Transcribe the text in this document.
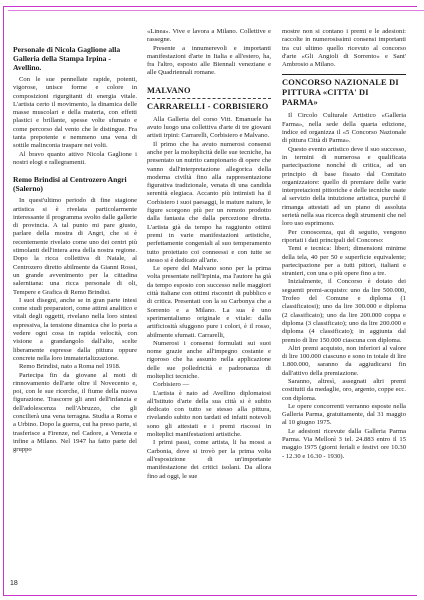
Personale di Nicola Gaglione alla Galleria della Stampa Irpina - Avellino.

Con le sue pennellate rapide, potenti, vigorose, unisce forme e colore in composizioni rigurgitanti di energia vitale. L'artista certo il movimento, la dinamica delle masse muscolari e della materia, con effetti plastici e brillante, spesse volte sfumato e come percorso dal vento che le distingue. Fra tanta prepotente e nemmeno una vena di sottile malinconia traspare nei volti.

Al bravo quanto attivo Nicola Gaglione i nostri elogi e rallegramenti.

Remo Brindisi al Centrozero Angri (Salerno)

In quest'ultimo periodo di fine stagione artistica si è rivelata particolarmente interessante il programma svolto dalle gallerie di provincia. A tal punto mi pare giusto, parlare della mostra di Angri, che si è recentemente rivelato come uno dei centri più stimolanti dell'intera area della nostra regione. Dopo la ricca collettiva di Natale, al Centrozero diretto abilmente da Gianni Rossi, un grande avvenimento per la cittadina salernitana: una ricca personale di oli, Tempere e Grafica di Remo Brindisi.

I suoi disegni, anche se in gran parte intesi come studi preparatori, come attimi analitico e vitali degli oggetti, rivelano nella loro sintesi espressiva, la tensione dinamica che lo porta a vedere ogni cosa in rapida velocità, con visione a grandangolo dall'alto, scelte liberamente espresse dalla pittura oppure concrete nella loro immaterializzazione.

Remo Brindisi, nato a Roma nel 1918.

Partecipa fin da giovane al moti di rinnovamento dell'arte oltre il Novecento e, poi, con le sue ricerche, il fiume della nuova figurazione. Trascorre gli anni dell'infanzia e dell'adolescenza nell'Abruzzo, che gli concilierà una vena terragna. Studia a Roma e a Urbino. Dopo la guerra, cui ha preso parte, si trasferisce a Firenze, nel Cadore, a Venezia e infine a Milano. Nel 1947 ha fatto parte del gruppo

«Linea». Vive e lavora a Milano. Collettive e rassegne.

Presente a innumerevoli e importanti manifestazioni d'arte in Italia e all'estero, ha, fra l'altro, esposto alle Biennali veneziane e alle Quadriennali romane.

MALVANO
CARRARELLI - CORBISIERO

Alla Galleria del corso Vitt. Emanuele ha avuto luogo una collettiva d'arte di tre giovani artisti irpini: Carrarelli, Corbisiero e Malvano.

Il primo che ha avuto numerosi consensi anche per la molteplicità delle sue tecniche, ha presentato un nutrito campionario di opere che vanno dall'interpretazione allegorica della moderna civiltà fino alla rappresentazione figurativa tradizionale, venata di una candida serenità elegiaca. Accanto più intimisti ha il Corbisiero i suoi paesaggi, le mature nature, le figure scorgono più per un remoto prodotto dalla fantasia che dalla percezione diretta. L'artista già da tempo ha raggiunto ottimi premi in varie manifestazioni artistiche, perfettamente congeniali al suo temperamento tutto proiettato coi conneessi e con tutte se stesso si è dedicato all'arte.

Le opere del Malvano sono per la prima volta presentate nell'Irpinia, ma l'autore ha già da tempo esposto con successo nelle maggiori città italiane con ottimi riscontri di pubblico e di critica. Presentati con la su Carbonya che a Sorrento e a Milano. La sua è uno sperimentalismo originale e vitale: dalla artificiosità sfuggono pure i colori, è il rosso, abilmente sfumati. Carrarelli,

Numerosi i consensi formulati sui suoi nome grazie anche all'impegno costante e rigoroso che ha assunto nella applicazione delle sue polledricità e padronanza di molteplici tecniche.

Corbisiero —

L'artista è nato ad Avellino diplomatosi all'Istituto d'arte della sua città si è subito dedicato con tutto se stesso alla pittura, rivelando subito non tardati ed infatti notevoli sono gli attestati e i premi riscossi in molteplici manifestazioni artistiche.

I primi passi, come artista, li ha mossi a Carbonia, dove si trovò per la prima volta all'esposizione di un'importante manifestazione dei critici isolani. Da allora fino ad oggi, le sue

mostre non si contano i premi e le adesioni: raccolte in numerosissimi consensi importanti tra cui ultimo quello ricevuto al concorso d'arte «Gli Angioli di Sorrento» e Sant' Ambrosio a Milano.

CONCORSO NAZIONALE DI PITTURA «CITTA' DI PARMA»

Il Circolo Culturale Artistico «Galleria Farma», nella sede della quarta edizione, indice ed organizza il «5 Concorso Nazionale di pittura Città di Parma».

Questo evento artistico deve il suo successo, in termini di numerosa e qualificata partecipazione nonché di critica, ad un principio di base fissato dal Comitato organizzatore: quello di premiare delle varie interpretazioni pittoriche e delle tecniche usate al servizio della intuizione artistica, purché il rimanga attestati ad un piano di assoluta serietà nella sua ricerca degli strumenti che nel loro uso esprimono.

Per conoscenza, qui di seguito, vengono riportati i dati principali del Concorso:

Temi e tecnica: liberi; dimensioni minime della tela, 40 per 50 e superficie equivalente; partecipazione per a tutti pittori, italiani e stranieri, con una o più opere fino a tre.

Inizialmente, il Concorso è dotato dei seguenti premi-acquisto: uno da lire 500.000, Trofeo del Comune e diploma (1 classificatosi); uno da lire 300.000 e diploma (2 classificato); uno da lire 200.000 coppa e diploma (3 classificato); uno da lire 200.000 e diploma (4 classificato); in aggiunta dal premio di lire 150.000 ciascuna con diploma.

Altri premi acquisto, non inferiori al valore di lire 100.000 ciascuno e sono in totale di lire 1.800.000, saranno da aggiudicarsi fin dall'attivo della premiazione.

Saranno, altresì, assegnati altri premi costituiti da medaglie, oro, argento, coppe ecc. con diploma.

Le opere concorrenti verranno esposte nella Galleria Parma, gratuitamente, dal 31 maggio al 10 giugno 1975.

Le adesioni ricevute dalla Galleria Parma Parma. Via Mellonì 3 tel. 24.883 entro il 15 maggio 1975 (giorni feriali e festivi ore 10.30 - 12.30 e 16.30 - 1930).

18
